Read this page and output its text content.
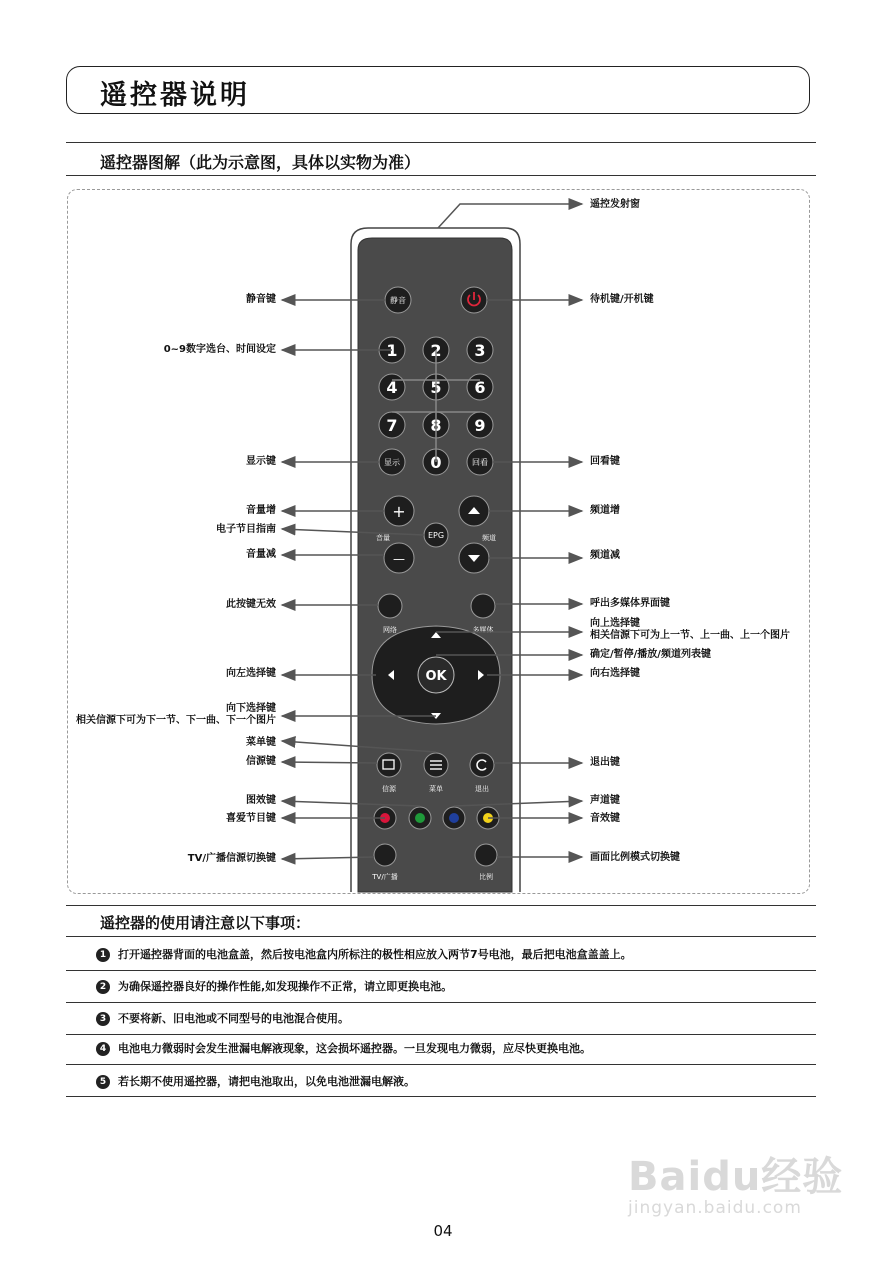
遥控器说明
遥控器图解（此为示意图，具体以实物为准）
静音
1 2 3
4 5 6
7 8 9
0
显示	回看
+
音量
—
EPG	频道
网络	多媒体
OK
信源	菜单	退出
TV/广播	比例
静音键
0~9数字选台、时间设定
显示键
音量增
电子节目指南
音量减
此按键无效
向左选择键
向下选择键
相关信源下可为下一节、下一曲、下一个图片
菜单键
信源键
图效键
喜爱节目键
TV/广播信源切换键
遥控发射窗
待机键/开机键
回看键
频道增
频道减
呼出多媒体界面键
向上选择键
相关信源下可为上一节、上一曲、上一个图片
确定/暂停/播放/频道列表键
向右选择键
退出键
声道键
音效键
画面比例模式切换键
遥控器的使用请注意以下事项：
1 打开遥控器背面的电池盒盖，然后按电池盒内所标注的极性相应放入两节7号电池，最后把电池盒盖盖上。
2 为确保遥控器良好的操作性能,如发现操作不正常，请立即更换电池。
3 不要将新、旧电池或不同型号的电池混合使用。
4 电池电力微弱时会发生泄漏电解液现象，这会损坏遥控器。一旦发现电力微弱，应尽快更换电池。
5 若长期不使用遥控器，请把电池取出，以免电池泄漏电解液。
04
Baidu经验
jingyan.baidu.com
